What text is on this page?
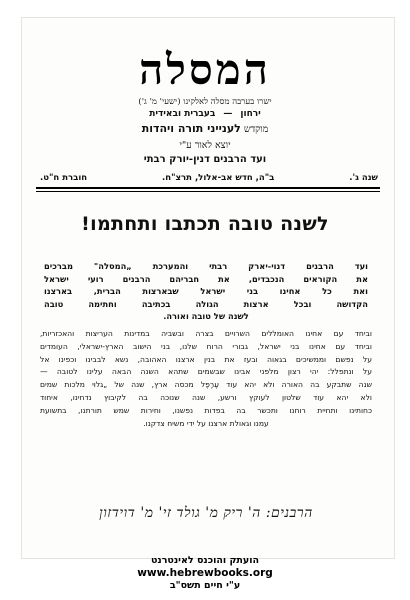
המסלה
ישרו בערבה מסלה לאלקינו (ישעי' מ' ג')
ירחון
—
בעברית ובאידית
מוקדש לענייני תורה ויהדות
יוצא לאור ע"י
ועד הרבנים דנין-יורק רבתי
שנה ג'.
ב"ה, חדש אב-אלול, תרצ"ח.
חוברת ח"ט.
לשנה טובה תכתבו ותחתמו!
ועד הרבנים דנוי-יארק רבתי והמערכת „המסלה" מברכים
את הקוראים הנכבדים, את חבריהם הרבנים רועי ישראל
ואת כל אחינו בני ישראל שבארצות הברית, בארצנו
הקדושה ובכל ארצות הגולה בכתיבה וחתימה טובה
לשנה של טובה ואורה.
וביחד עם אחינו האומללים השרויים בצרה ובשביה במדינות העריצות והאכזריות,
וביחד עם אחינו בני ישראל, גבורי הרוח שלנו, בני הישוב הארץ-ישראלי, העומדים
על נפשם וממשיכים בגאוה ובעז את בנין ארצנו האהובה, נשא לבבינו וכפינו אל
על ונתפלל: יהי רצון מלפני אבינו שבשמים שתהא השנה הבאה עלינו לטובה —
שנה שתבקע בה האורה ולא יהא עוד עֶרֶפֶל מכסה ארץ, שנה של „גלוי מלכות שמים
ולא יהא עוד שלטון לעוקץ ורשע, שנה שנוכה בה לקיבוץ נדחינו, איחוד
כחותינו ותחיית רוחנו ותכשר בה בפדות נפשנו, וחירות שמש תורתנו, בתשועת
עמנו וגאולת ארצנו על ידי משיח צדקנו.
הרבנים: ה' ריק מ' גולד זי' מ' דוידזון
הועתק והוכנס לאינטרנט
www.hebrewbooks.org
ע"י חיים תשס"ב
